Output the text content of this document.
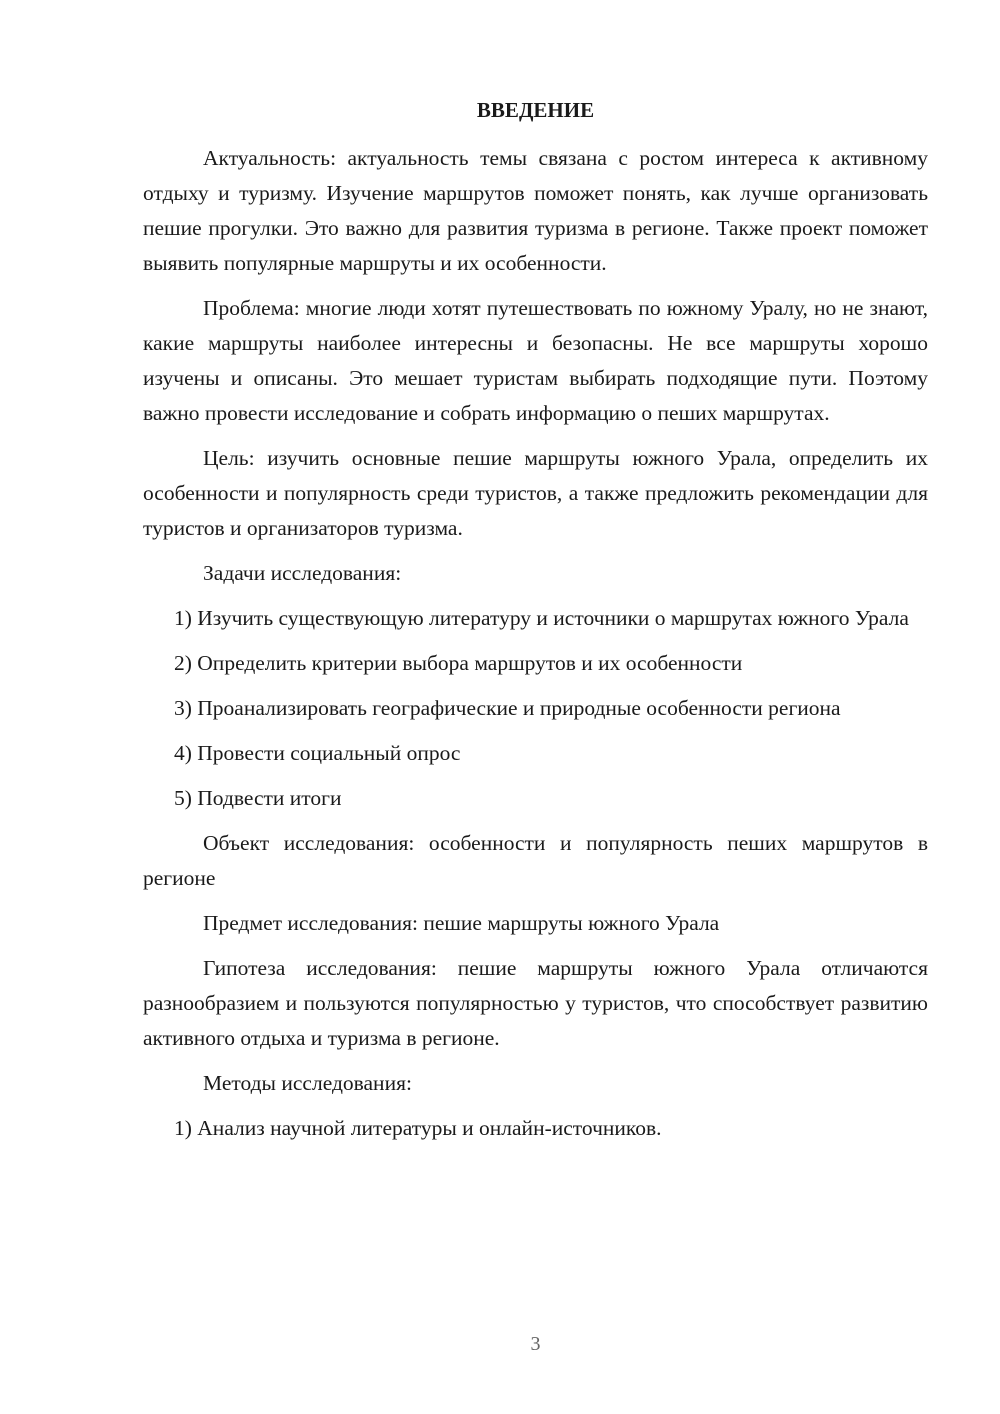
ВВЕДЕНИЕ

Актуальность: актуальность темы связана с ростом интереса к активному отдыху и туризму. Изучение маршрутов поможет понять, как лучше организовать пешие прогулки. Это важно для развития туризма в регионе. Также проект поможет выявить популярные маршруты и их особенности.

Проблема: многие люди хотят путешествовать по южному Уралу, но не знают, какие маршруты наиболее интересны и безопасны. Не все маршруты хорошо изучены и описаны. Это мешает туристам выбирать подходящие пути. Поэтому важно провести исследование и собрать информацию о пеших маршрутах.

Цель: изучить основные пешие маршруты южного Урала, определить их особенности и популярность среди туристов, а также предложить рекомендации для туристов и организаторов туризма.

Задачи исследования:

1) Изучить существующую литературу и источники о маршрутах южного Урала

2) Определить критерии выбора маршрутов и их особенности

3) Проанализировать географические и природные особенности региона

4) Провести социальный опрос

5) Подвести итоги

Объект исследования: особенности и популярность пеших маршрутов в регионе

Предмет исследования: пешие маршруты южного Урала

Гипотеза исследования: пешие маршруты южного Урала отличаются разнообразием и пользуются популярностью у туристов, что способствует развитию активного отдыха и туризма в регионе.

Методы исследования:

1) Анализ научной литературы и онлайн-источников.

3
